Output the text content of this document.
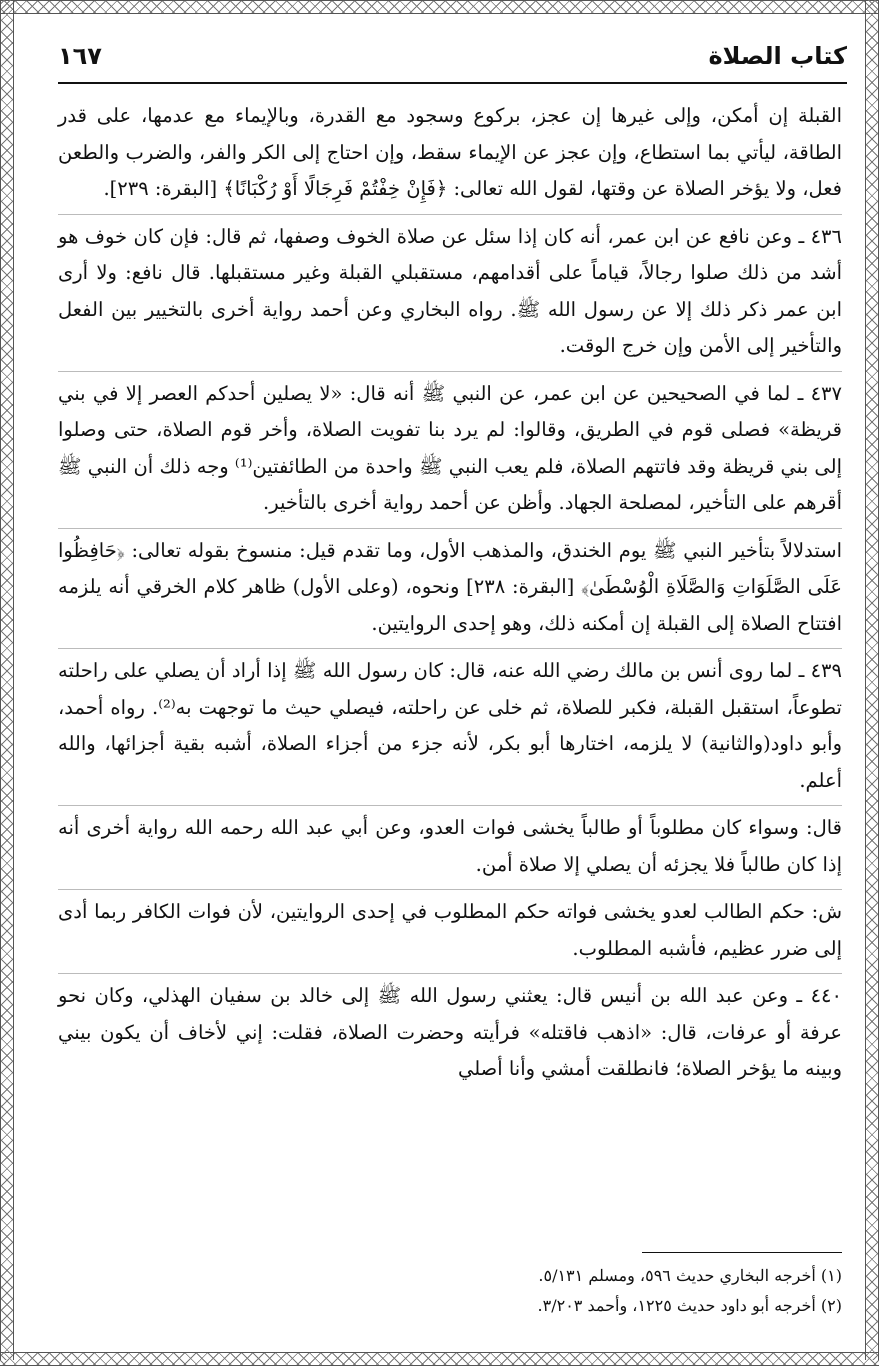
كتاب الصلاة
١٦٧

القبلة إن أمكن، وإلى غيرها إن عجز، بركوع وسجود مع القدرة، وبالإيماء مع عدمها، على قدر الطاقة، ليأتي بما استطاع، وإن عجز عن الإيماء سقط، وإن احتاج إلى الكر والفر، والضرب والطعن فعل، ولا يؤخر الصلاة عن وقتها، لقول الله تعالى: ﴿فَإِنْ خِفْتُمْ فَرِجَالًا أَوْ رُكْبَانًا﴾ [البقرة: ٢٣٩].

٤٣٦ ـ وعن نافع عن ابن عمر، أنه كان إذا سئل عن صلاة الخوف وصفها، ثم قال: فإن كان خوف هو أشد من ذلك صلوا رجالاً، قياماً على أقدامهم، مستقبلي القبلة وغير مستقبلها. قال نافع: ولا أرى ابن عمر ذكر ذلك إلا عن رسول الله ﷺ. رواه البخاري وعن أحمد رواية أخرى بالتخيير بين الفعل والتأخير إلى الأمن وإن خرج الوقت.

٤٣٧ ـ لما في الصحيحين عن ابن عمر، عن النبي ﷺ أنه قال: «لا يصلين أحدكم العصر إلا في بني قريظة» فصلى قوم في الطريق، وقالوا: لم يرد بنا تفويت الصلاة، وأخر قوم الصلاة، حتى وصلوا إلى بني قريظة وقد فاتتهم الصلاة، فلم يعب النبي ﷺ واحدة من الطائفتين⁽¹⁾ وجه ذلك أن النبي ﷺ أقرهم على التأخير، لمصلحة الجهاد. وأظن عن أحمد رواية أخرى بالتأخير.

استدلالاً بتأخير النبي ﷺ يوم الخندق، والمذهب الأول، وما تقدم قيل: منسوخ بقوله تعالى: ﴿حَافِظُوا عَلَى الصَّلَوَاتِ وَالصَّلَاةِ الْوُسْطَىٰ﴾ [البقرة: ٢٣٨] ونحوه، (وعلى الأول) ظاهر كلام الخرقي أنه يلزمه افتتاح الصلاة إلى القبلة إن أمكنه ذلك، وهو إحدى الروايتين.

٤٣٩ ـ لما روى أنس بن مالك رضي الله عنه، قال: كان رسول الله ﷺ إذا أراد أن يصلي على راحلته تطوعاً، استقبل القبلة، فكبر للصلاة، ثم خلى عن راحلته، فيصلي حيث ما توجهت به⁽²⁾. رواه أحمد، وأبو داود(والثانية) لا يلزمه، اختارها أبو بكر، لأنه جزء من أجزاء الصلاة، أشبه بقية أجزائها، والله أعلم.

قال: وسواء كان مطلوباً أو طالباً يخشى فوات العدو، وعن أبي عبد الله رحمه الله رواية أخرى أنه إذا كان طالباً فلا يجزئه أن يصلي إلا صلاة أمن.

ش: حكم الطالب لعدو يخشى فواته حكم المطلوب في إحدى الروايتين، لأن فوات الكافر ربما أدى إلى ضرر عظيم، فأشبه المطلوب.

٤٤٠ ـ وعن عبد الله بن أنيس قال: يعثني رسول الله ﷺ إلى خالد بن سفيان الهذلي، وكان نحو عرفة أو عرفات، قال: «اذهب فاقتله» فرأيته وحضرت الصلاة، فقلت: إني لأخاف أن يكون بيني وبينه ما يؤخر الصلاة؛ فانطلقت أمشي وأنا أصلي

(١) أخرجه البخاري حديث ٥٩٦، ومسلم ٥/١٣١.
(٢) أخرجه أبو داود حديث ١٢٢٥، وأحمد ٣/٢٠٣.
